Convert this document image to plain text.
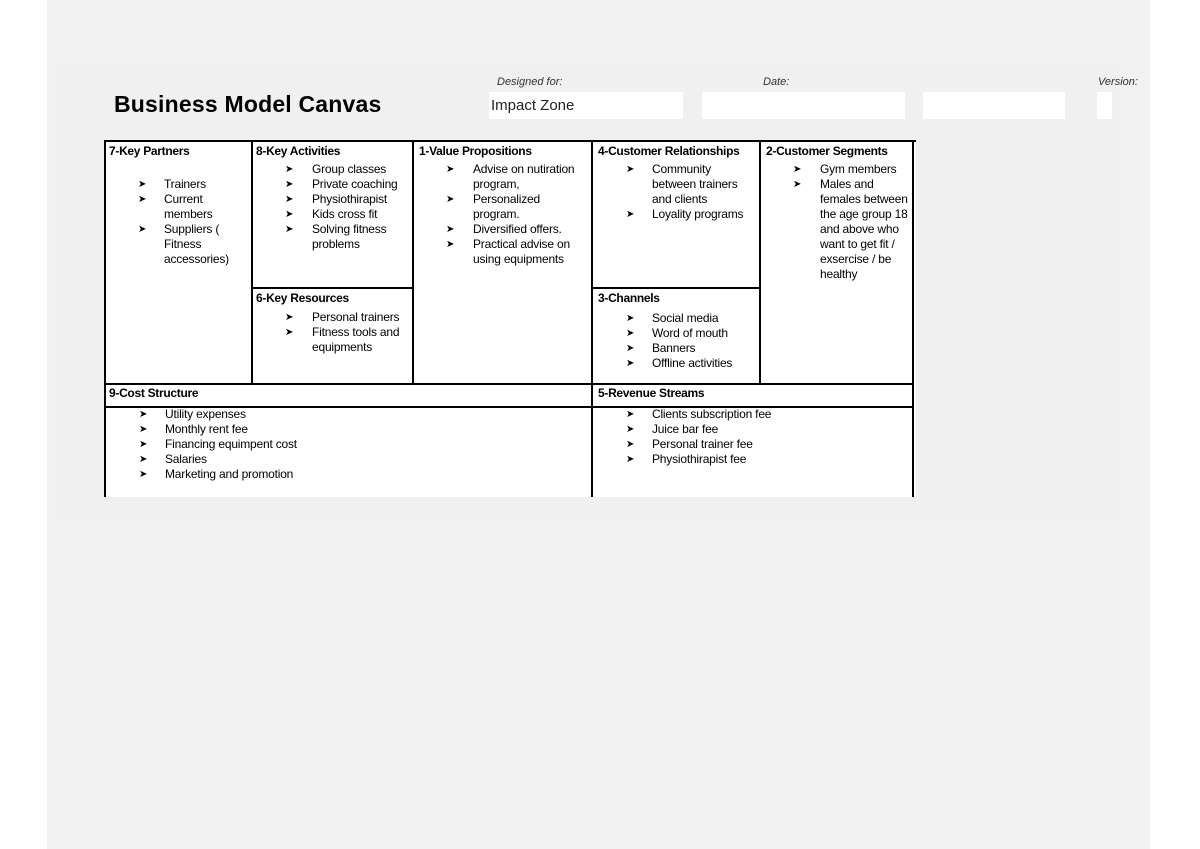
Business Model Canvas
Designed for:
Impact Zone
Date:	Version:
7-Key Partners
➤ Trainers
➤ Current members
➤ Suppliers ( Fitness accessories)
8-Key Activities
➤ Group classes
➤ Private coaching
➤ Physiothirapist
➤ Kids cross fit
➤ Solving fitness problems
6-Key Resources
➤ Personal trainers
➤ Fitness tools and equipments
1-Value Propositions
➤ Advise on nutiration program,
➤ Personalized program.
➤ Diversified offers.
➤ Practical advise on using equipments
4-Customer Relationships
➤ Community between trainers and clients
➤ Loyality programs
3-Channels
➤ Social media
➤ Word of mouth
➤ Banners
➤ Offline activities
2-Customer Segments
➤ Gym members
➤ Males and females between the age group 18 and above who want to get fit / exsercise / be healthy
9-Cost Structure
➤ Utility expenses
➤ Monthly rent fee
➤ Financing equimpent cost
➤ Salaries
➤ Marketing and promotion
5-Revenue Streams
➤ Clients subscription fee
➤ Juice bar fee
➤ Personal trainer fee
➤ Physiothirapist fee
